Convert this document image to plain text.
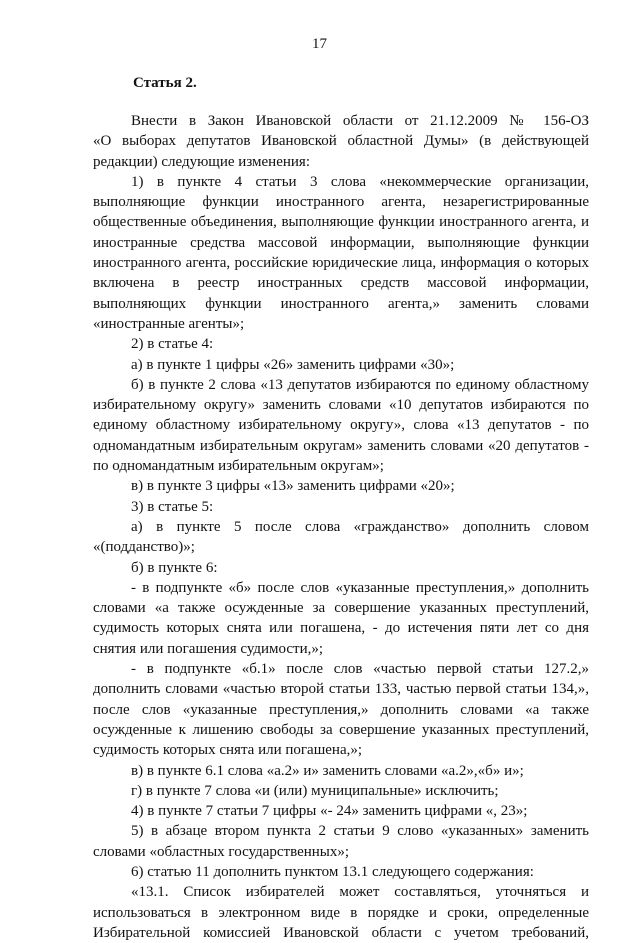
17
Статья 2.
Внести в Закон Ивановской области от 21.12.2009 № 156-ОЗ
«О выборах депутатов Ивановской областной Думы» (в действующей
редакции) следующие изменения:
1) в пункте 4 статьи 3 слова «некоммерческие организации,
выполняющие функции иностранного агента, незарегистрированные
общественные объединения, выполняющие функции иностранного агента, и
иностранные средства массовой информации, выполняющие функции
иностранного агента, российские юридические лица, информация о которых
включена в реестр иностранных средств массовой информации,
выполняющих функции иностранного агента,» заменить словами
«иностранные агенты»;
2) в статье 4:
а) в пункте 1 цифры «26» заменить цифрами «30»;
б) в пункте 2 слова «13 депутатов избираются по единому областному
избирательному округу» заменить словами «10 депутатов избираются по
единому областному избирательному округу», слова «13 депутатов - по
одномандатным избирательным округам» заменить словами «20 депутатов -
по одномандатным избирательным округам»;
в) в пункте 3 цифры «13» заменить цифрами «20»;
3) в статье 5:
а) в пункте 5 после слова «гражданство» дополнить словом
«(подданство)»;
б) в пункте 6:
- в подпункте «б» после слов «указанные преступления,» дополнить
словами «а также осужденные за совершение указанных преступлений,
судимость которых снята или погашена, - до истечения пяти лет со дня
снятия или погашения судимости,»;
- в подпункте «б.1» после слов «частью первой статьи 127.2,»
дополнить словами «частью второй статьи 133, частью первой статьи 134,»,
после слов «указанные преступления,» дополнить словами «а также
осужденные к лишению свободы за совершение указанных преступлений,
судимость которых снята или погашена,»;
в) в пункте 6.1 слова «а.2» и» заменить словами «а.2»,«б» и»;
г) в пункте 7 слова «и (или) муниципальные» исключить;
4) в пункте 7 статьи 7 цифры «- 24» заменить цифрами «, 23»;
5) в абзаце втором пункта 2 статьи 9 слово «указанных» заменить
словами «областных государственных»;
6) статью 11 дополнить пунктом 13.1 следующего содержания:
«13.1. Список избирателей может составляться, уточняться и
использоваться в электронном виде в порядке и сроки, определенные
Избирательной комиссией Ивановской области с учетом требований,
